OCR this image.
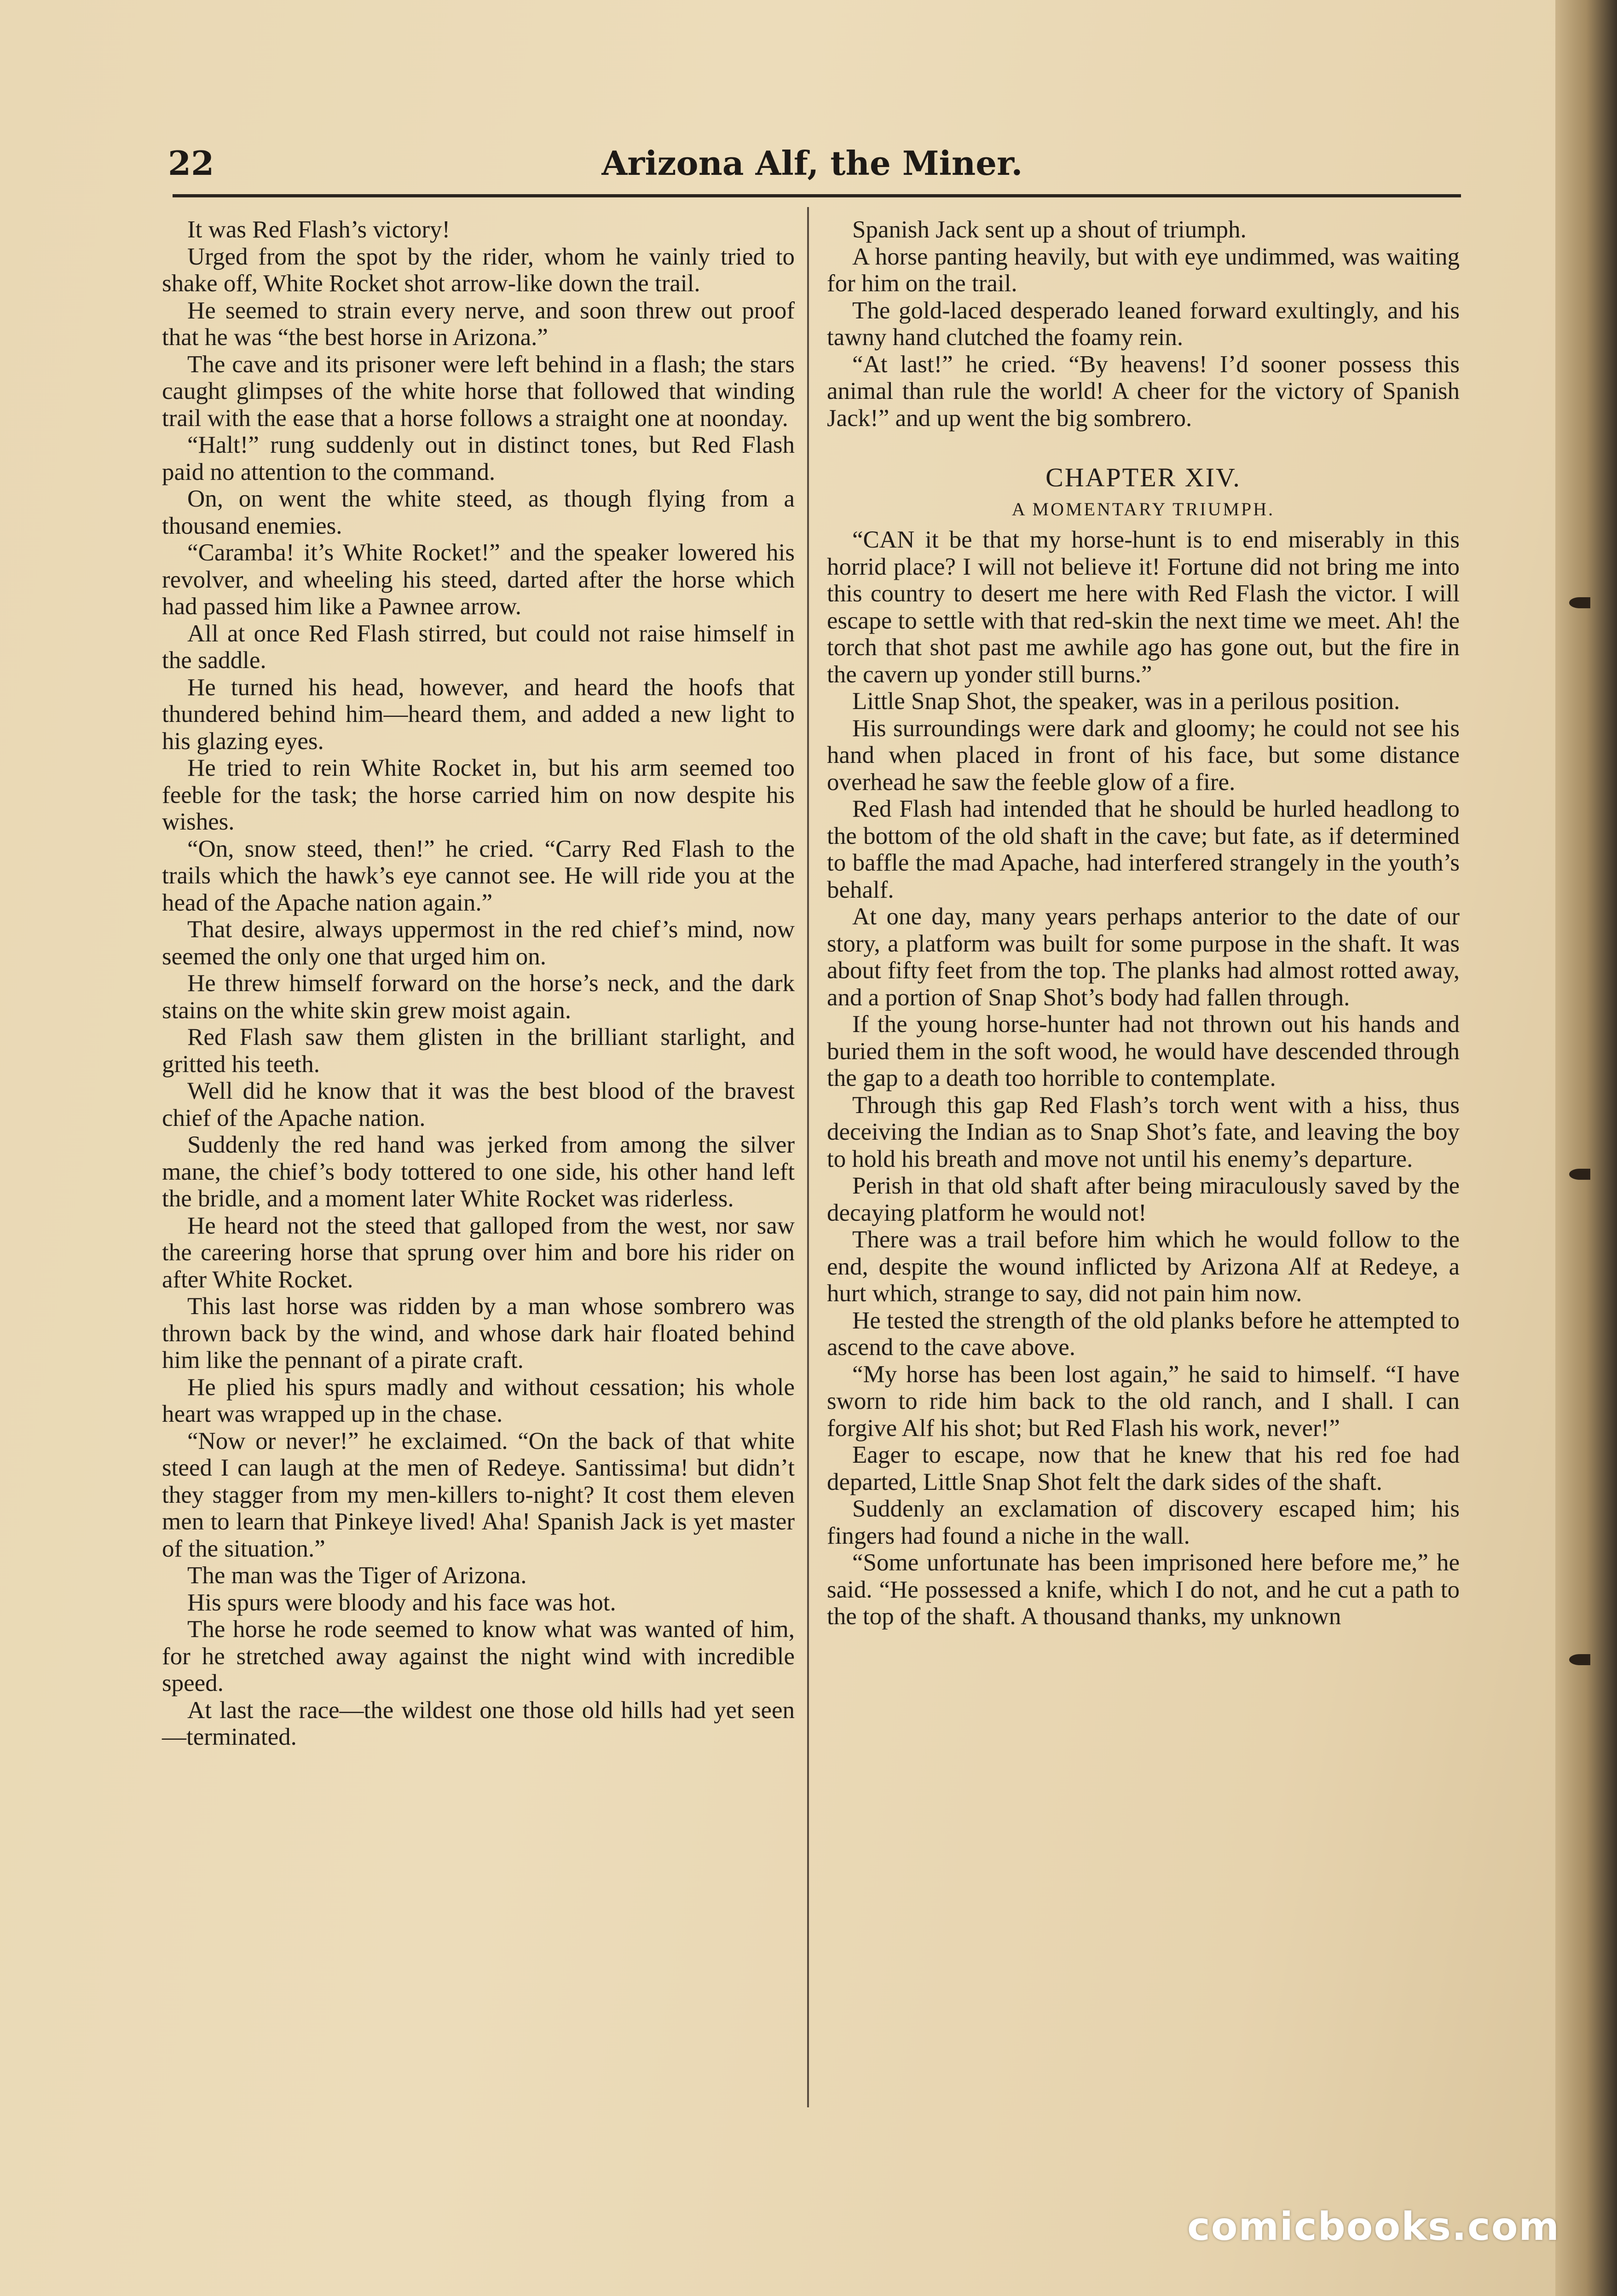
22	Arizona Alf, the Miner.

It was Red Flash’s victory!

Urged from the spot by the rider, whom he vainly tried to shake off, White Rocket shot arrow-like down the trail.

He seemed to strain every nerve, and soon threw out proof that he was “the best horse in Arizona.”

The cave and its prisoner were left behind in a flash; the stars caught glimpses of the white horse that followed that winding trail with the ease that a horse follows a straight one at noonday.

“Halt!” rung suddenly out in distinct tones, but Red Flash paid no attention to the command.

On, on went the white steed, as though flying from a thousand enemies.

“Caramba! it’s White Rocket!” and the speaker lowered his revolver, and wheeling his steed, darted after the horse which had passed him like a Pawnee arrow.

All at once Red Flash stirred, but could not raise himself in the saddle.

He turned his head, however, and heard the hoofs that thundered behind him—heard them, and added a new light to his glazing eyes.

He tried to rein White Rocket in, but his arm seemed too feeble for the task; the horse carried him on now despite his wishes.

“On, snow steed, then!” he cried. “Carry Red Flash to the trails which the hawk’s eye cannot see. He will ride you at the head of the Apache nation again.”

That desire, always uppermost in the red chief’s mind, now seemed the only one that urged him on.

He threw himself forward on the horse’s neck, and the dark stains on the white skin grew moist again.

Red Flash saw them glisten in the brilliant starlight, and gritted his teeth.

Well did he know that it was the best blood of the bravest chief of the Apache nation.

Suddenly the red hand was jerked from among the silver mane, the chief’s body tottered to one side, his other hand left the bridle, and a moment later White Rocket was riderless.

He heard not the steed that galloped from the west, nor saw the careering horse that sprung over him and bore his rider on after White Rocket.

This last horse was ridden by a man whose sombrero was thrown back by the wind, and whose dark hair floated behind him like the pennant of a pirate craft.

He plied his spurs madly and without cessation; his whole heart was wrapped up in the chase.

“Now or never!” he exclaimed. “On the back of that white steed I can laugh at the men of Redeye. Santissima! but didn’t they stagger from my men-killers to-night? It cost them eleven men to learn that Pinkeye lived! Aha! Spanish Jack is yet master of the situation.”

The man was the Tiger of Arizona.

His spurs were bloody and his face was hot.

The horse he rode seemed to know what was wanted of him, for he stretched away against the night wind with incredible speed.

At last the race—the wildest one those old hills had yet seen—terminated.

Spanish Jack sent up a shout of triumph.

A horse panting heavily, but with eye undimmed, was waiting for him on the trail.

The gold-laced desperado leaned forward exultingly, and his tawny hand clutched the foamy rein.

“At last!” he cried. “By heavens! I’d sooner possess this animal than rule the world! A cheer for the victory of Spanish Jack!” and up went the big sombrero.

CHAPTER XIV.
A MOMENTARY TRIUMPH.

“CAN it be that my horse-hunt is to end miserably in this horrid place? I will not believe it! Fortune did not bring me into this country to desert me here with Red Flash the victor. I will escape to settle with that red-skin the next time we meet. Ah! the torch that shot past me awhile ago has gone out, but the fire in the cavern up yonder still burns.”

Little Snap Shot, the speaker, was in a perilous position.

His surroundings were dark and gloomy; he could not see his hand when placed in front of his face, but some distance overhead he saw the feeble glow of a fire.

Red Flash had intended that he should be hurled headlong to the bottom of the old shaft in the cave; but fate, as if determined to baffle the mad Apache, had interfered strangely in the youth’s behalf.

At one day, many years perhaps anterior to the date of our story, a platform was built for some purpose in the shaft. It was about fifty feet from the top. The planks had almost rotted away, and a portion of Snap Shot’s body had fallen through.

If the young horse-hunter had not thrown out his hands and buried them in the soft wood, he would have descended through the gap to a death too horrible to contemplate.

Through this gap Red Flash’s torch went with a hiss, thus deceiving the Indian as to Snap Shot’s fate, and leaving the boy to hold his breath and move not until his enemy’s departure.

Perish in that old shaft after being miraculously saved by the decaying platform he would not!

There was a trail before him which he would follow to the end, despite the wound inflicted by Arizona Alf at Redeye, a hurt which, strange to say, did not pain him now.

He tested the strength of the old planks before he attempted to ascend to the cave above.

“My horse has been lost again,” he said to himself. “I have sworn to ride him back to the old ranch, and I shall. I can forgive Alf his shot; but Red Flash his work, never!”

Eager to escape, now that he knew that his red foe had departed, Little Snap Shot felt the dark sides of the shaft.

Suddenly an exclamation of discovery escaped him; his fingers had found a niche in the wall.

“Some unfortunate has been imprisoned here before me,” he said. “He possessed a knife, which I do not, and he cut a path to the top of the shaft. A thousand thanks, my unknown

comicbooks.com
